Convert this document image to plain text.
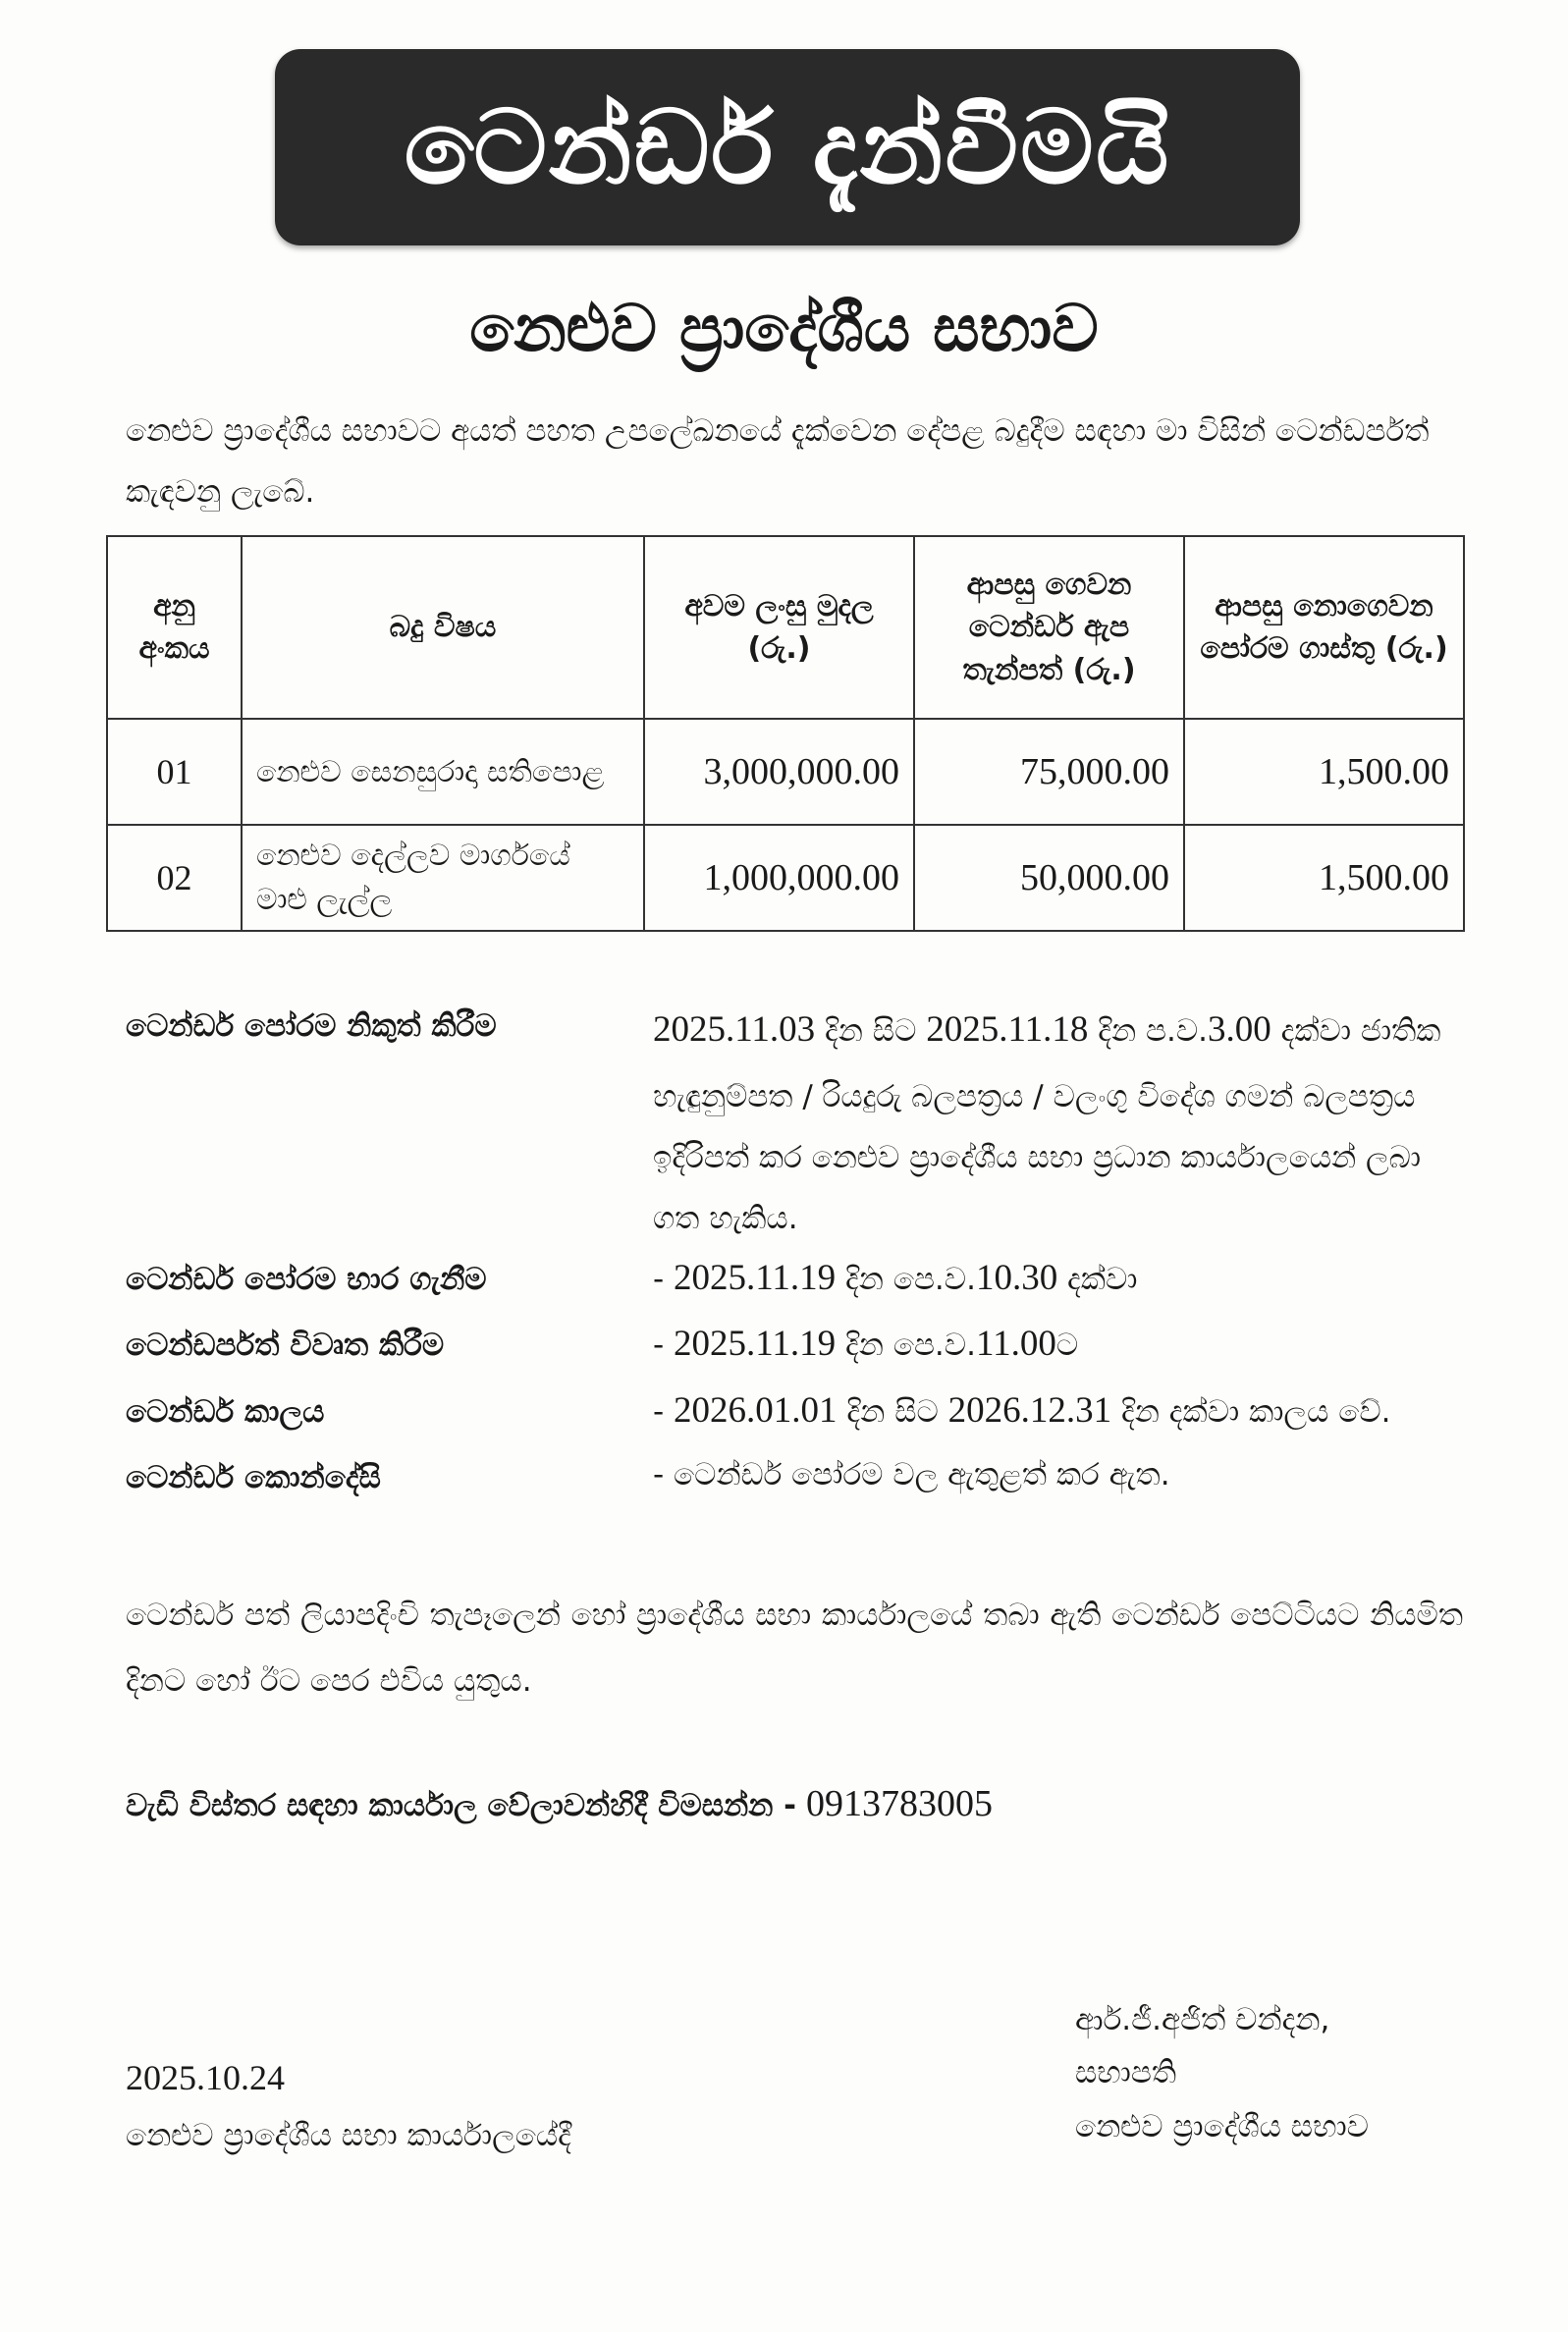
ටෙන්ඩර් දැන්වීමයි
නෙළුව ප්‍රාදේශීය සභාව
නෙළුව ප්‍රාදේශීය සභාවට අයත් පහත උපලේඛනයේ දැක්වෙන දේපළ බදුදීම සඳහා මා විසින් ටෙන්ඩර්පත් කැඳවනු ලැබේ.
අනු අංකය	බදු විෂය	අවම ලංසු මුදල (රු.)	ආපසු ගෙවන ටෙන්ඩර් ඇප තැන්පත් (රු.)	ආපසු නොගෙවන පෝරම ගාස්තු (රු.)
01	නෙළුව සෙනසුරාදා සතිපොළ	3,000,000.00	75,000.00	1,500.00
02	නෙළුව දෙල්ලව මාර්ගයේ මාළු ලැල්ල	1,000,000.00	50,000.00	1,500.00
ටෙන්ඩර් පෝරම නිකුත් කිරීම	2025.11.03 දින සිට 2025.11.18 දින ප.ව.3.00 දක්වා ජාතික හැඳුනුම්පත / රියදුරු බලපත්‍රය / වලංගු විදේශ ගමන් බලපත්‍රය ඉදිරිපත් කර නෙළුව ප්‍රාදේශීය සභා ප්‍රධාන කාර්යාලයෙන් ලබා ගත හැකිය.
ටෙන්ඩර් පෝරම භාර ගැනීම	- 2025.11.19 දින පෙ.ව.10.30 දක්වා
ටෙන්ඩර්පත් විවෘත කිරීම	- 2025.11.19 දින පෙ.ව.11.00ට
ටෙන්ඩර් කාලය	- 2026.01.01 දින සිට 2026.12.31 දින දක්වා කාලය වේ.
ටෙන්ඩර් කොන්දේසි	- ටෙන්ඩර් පෝරම වල ඇතුළත් කර ඇත.
ටෙන්ඩර් පත් ලියාපදිංචි තැපෑලෙන් හෝ ප්‍රාදේශීය සභා කාර්යාලයේ තබා ඇති ටෙන්ඩර් පෙට්ටියට නියමිත දිනට හෝ ඊට පෙර එවිය යුතුය.
වැඩි විස්තර සඳහා කාර්යාල වේලාවන්හිදී විමසන්න - 0913783005
2025.10.24
නෙළුව ප්‍රාදේශීය සභා කාර්යාලයේදී
ආර්.ජී.අජිත් චන්දන,
සභාපති
නෙළුව ප්‍රාදේශීය සභාව
